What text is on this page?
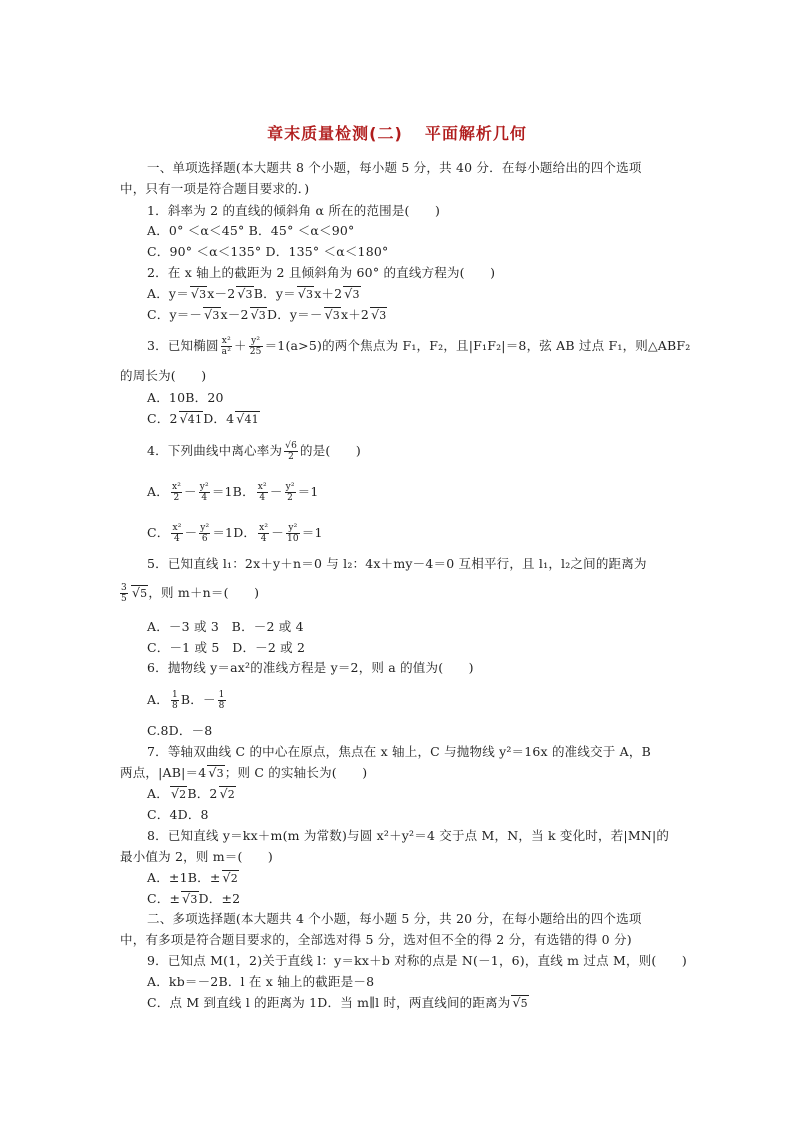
章末质量检测(二) 平面解析几何
一、单项选择题(本大题共 8 个小题，每小题 5 分，共 40 分．在每小题给出的四个选项
中，只有一项是符合题目要求的．)
1．斜率为 2 的直线的倾斜角 α 所在的范围是(　　)
A．0° ＜α＜45° B．45° ＜α＜90°
C．90° ＜α＜135° D．135° ＜α＜180°
2．在 x 轴上的截距为 2 且倾斜角为 60° 的直线方程为(　　)
A．y＝ √3x－2 √3B．y＝ √3x＋2 √3
C．y＝－ √3x－2 √3D．y＝－ √3x＋2 √3
3．已知椭圆 $\frac{\text{x²}}{\text{a²}} + \frac{\text{y²}}{25} =1(a>5)$的两个焦点为 F₁，F₂，且|F₁F₂|＝8，弦 AB 过点 F₁，则△ABF₂
的周长为(　　)
A．10B．20
C．2 √41D．4 √41
4．下列曲线中离心率为 $\frac{√6}{2}$ 的是(　　)
A． $\frac{\text{x²}}{2} - \frac{\text{y²}}{4} =1B$． $\frac{\text{x²}}{4} - \frac{\text{y²}}{2} =1$
C． $\frac{\text{x²}}{4} - \frac{\text{y²}}{6} =1D$． $\frac{\text{x²}}{4} - \frac{\text{y²}}{10} =1$
5．已知直线 l₁：2x＋y＋n＝0 与 l₂：4x＋my－4＝0 互相平行，且 l₁，l₂之间的距离为
$\frac{3}{5} √5$，则 m＋n＝(　　)
A．－3 或 3　B．－2 或 4
C．－1 或 5　D．－2 或 2
6．抛物线 y＝ax²的准线方程是 y＝2，则 a 的值为(　　)
A． $\frac{1}{8}$ B．－ $\frac{1}{8}$
C.8D．－8
7．等轴双曲线 C 的中心在原点，焦点在 x 轴上，C 与抛物线 y²＝16x 的准线交于 A，B
两点，|AB|＝4 √3；则 C 的实轴长为(　　)
A． √2B．2 √2
C．4D．8
8．已知直线 y＝kx＋m(m 为常数)与圆 x²＋y²＝4 交于点 M，N，当 k 变化时，若|MN|的
最小值为 2，则 m＝(　　)
A．±1B．± √2
C．± √3D．±2
二、多项选择题(本大题共 4 个小题，每小题 5 分，共 20 分，在每小题给出的四个选项
中，有多项是符合题目要求的，全部选对得 5 分，选对但不全的得 2 分，有选错的得 0 分)
9．已知点 M(1，2)关于直线 l：y＝kx＋b 对称的点是 N(－1，6)，直线 m 过点 M，则(　　)
A．kb＝－2B．l 在 x 轴上的截距是－8
C．点 M 到直线 l 的距离为 1D．当 m∥l 时，两直线间的距离为 √5
